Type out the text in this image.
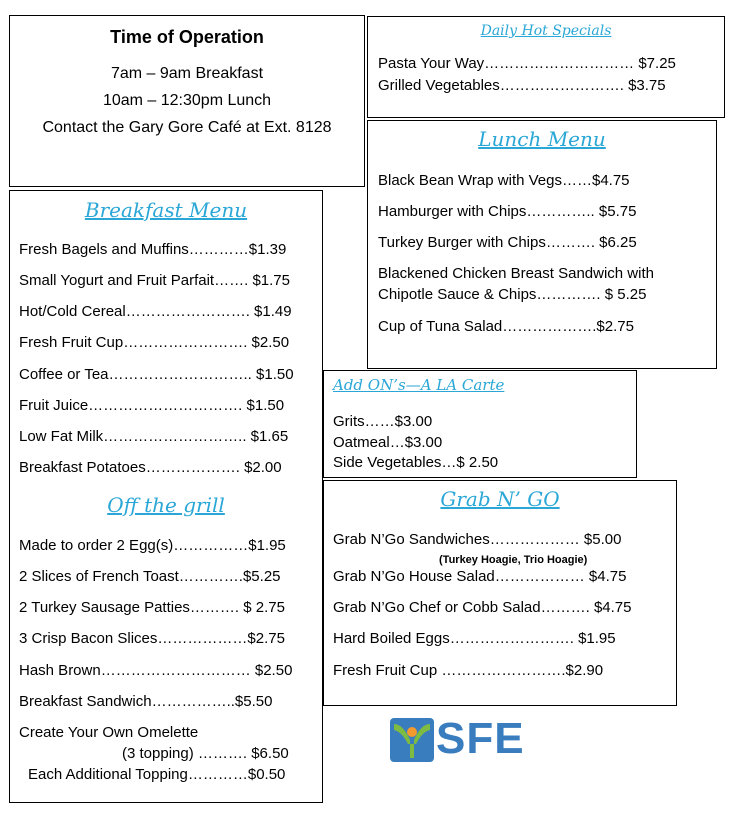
Time of Operation
7am – 9am Breakfast
10am – 12:30pm Lunch
Contact the Gary Gore Café at Ext. 8128
Daily Hot Specials
Pasta Your Way………………………… $7.25
Grilled Vegetables……………………. $3.75
Lunch Menu
Black Bean Wrap with Vegs……$4.75
Hamburger with Chips………….. $5.75
Turkey Burger with Chips………. $6.25
Blackened Chicken Breast Sandwich with
Chipotle Sauce & Chips…………. $ 5.25
Cup of Tuna Salad……………….$2.75
Breakfast Menu
Fresh Bagels and Muffins…………$1.39
Small Yogurt and Fruit Parfait……. $1.75
Hot/Cold Cereal……………………. $1.49
Fresh Fruit Cup……………………. $2.50
Coffee or Tea……………………….. $1.50
Fruit Juice…………………………. $1.50
Low Fat Milk……………………….. $1.65
Breakfast Potatoes………………. $2.00
Off the grill
Made to order 2 Egg(s)……………$1.95
2 Slices of French Toast………….$5.25
2 Turkey Sausage Patties………. $ 2.75
3 Crisp Bacon Slices………………$2.75
Hash Brown………………………… $2.50
Breakfast Sandwich……………..$5.50
Create Your Own Omelette
(3 topping) ………. $6.50
Each Additional Topping…………$0.50
Add ON’s—A LA Carte
Grits……$3.00
Oatmeal…$3.00
Side Vegetables…$ 2.50
Grab N’ GO
Grab N’Go Sandwiches……………… $5.00
(Turkey Hoagie, Trio Hoagie)
Grab N’Go House Salad……………… $4.75
Grab N’Go Chef or Cobb Salad………. $4.75
Hard Boiled Eggs……………………. $1.95
Fresh Fruit Cup …………………….$2.90
SFE
